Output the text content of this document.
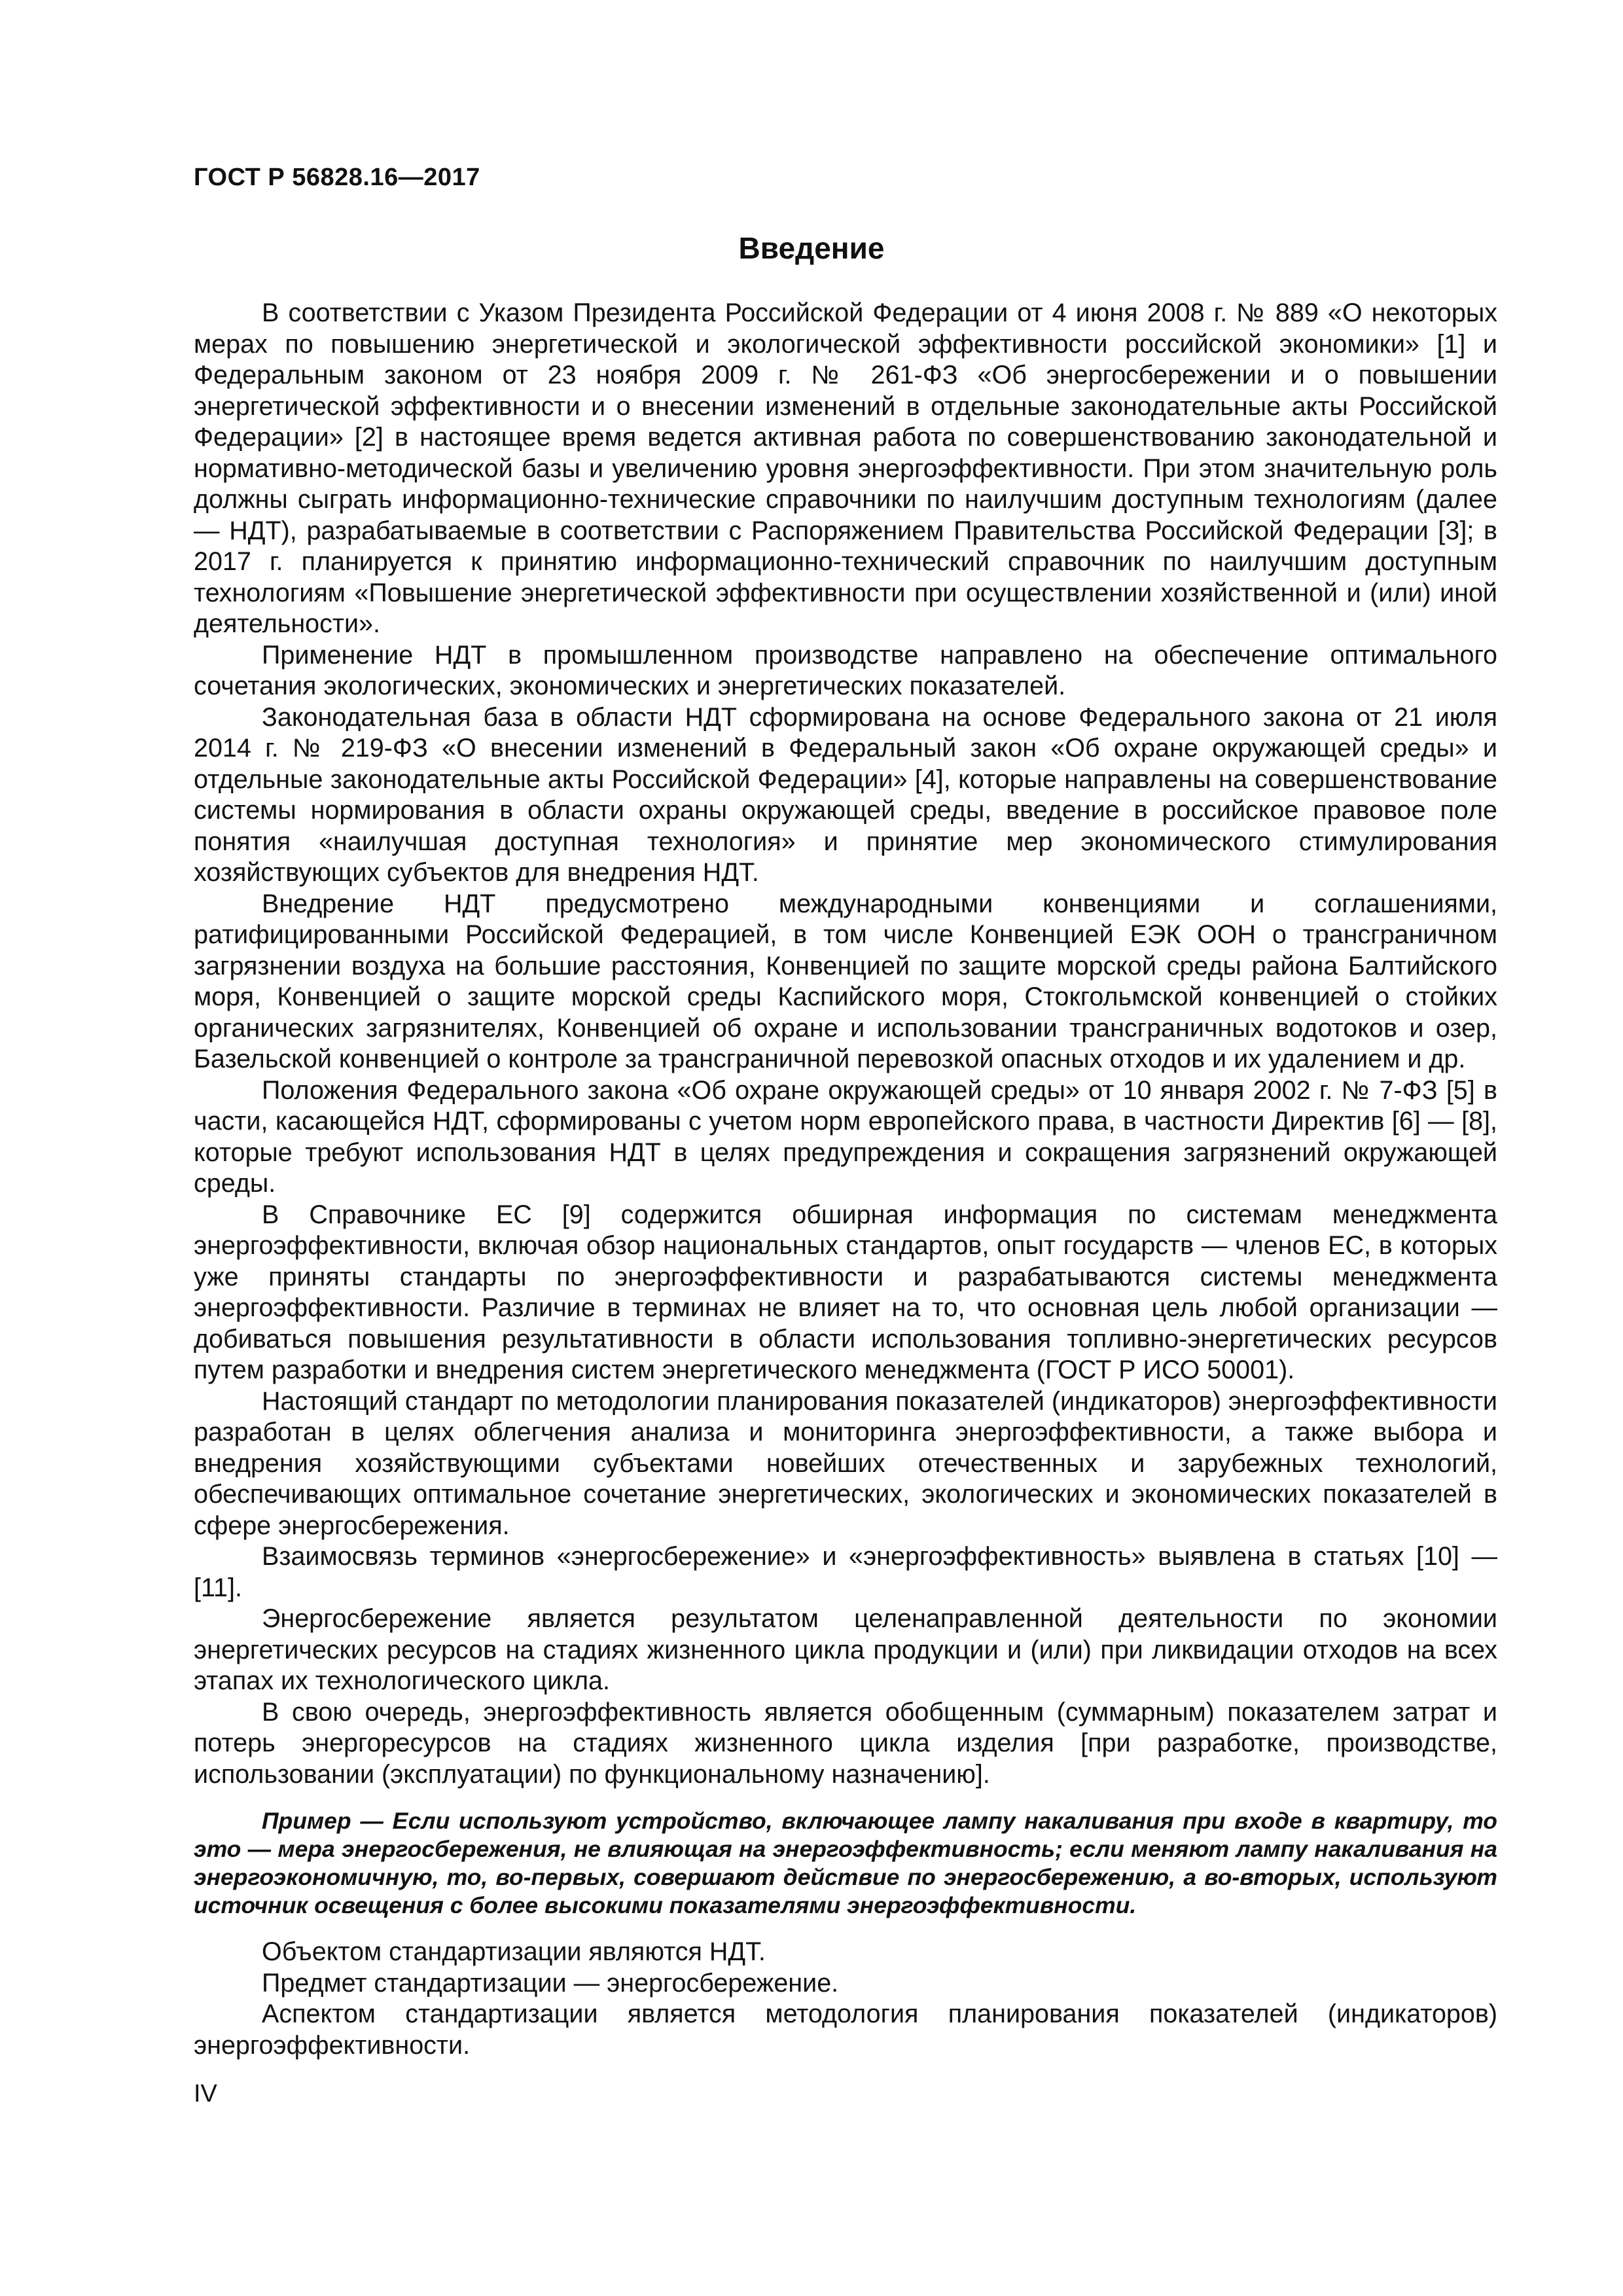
ГОСТ Р 56828.16—2017
Введение

В соответствии с Указом Президента Российской Федерации от 4 июня 2008 г. № 889 «О некоторых мерах по повышению энергетической и экологической эффективности российской экономики» [1] и Федеральным законом от 23 ноября 2009 г. № 261-ФЗ «Об энергосбережении и о повышении энергетической эффективности и о внесении изменений в отдельные законодательные акты Российской Федерации» [2] в настоящее время ведется активная работа по совершенствованию законодательной и нормативно-методической базы и увеличению уровня энергоэффективности. При этом значительную роль должны сыграть информационно-технические справочники по наилучшим доступным технологиям (далее — НДТ), разрабатываемые в соответствии с Распоряжением Правительства Российской Федерации [3]; в 2017 г. планируется к принятию информационно-технический справочник по наилучшим доступным технологиям «Повышение энергетической эффективности при осуществлении хозяйственной и (или) иной деятельности».

Применение НДТ в промышленном производстве направлено на обеспечение оптимального сочетания экологических, экономических и энергетических показателей.

Законодательная база в области НДТ сформирована на основе Федерального закона от 21 июля 2014 г. № 219-ФЗ «О внесении изменений в Федеральный закон «Об охране окружающей среды» и отдельные законодательные акты Российской Федерации» [4], которые направлены на совершенствование системы нормирования в области охраны окружающей среды, введение в российское правовое поле понятия «наилучшая доступная технология» и принятие мер экономического стимулирования хозяйствующих субъектов для внедрения НДТ.

Внедрение НДТ предусмотрено международными конвенциями и соглашениями, ратифицированными Российской Федерацией, в том числе Конвенцией ЕЭК ООН о трансграничном загрязнении воздуха на большие расстояния, Конвенцией по защите морской среды района Балтийского моря, Конвенцией о защите морской среды Каспийского моря, Стокгольмской конвенцией о стойких органических загрязнителях, Конвенцией об охране и использовании трансграничных водотоков и озер, Базельской конвенцией о контроле за трансграничной перевозкой опасных отходов и их удалением и др.

Положения Федерального закона «Об охране окружающей среды» от 10 января 2002 г. № 7-ФЗ [5] в части, касающейся НДТ, сформированы с учетом норм европейского права, в частности Директив [6] — [8], которые требуют использования НДТ в целях предупреждения и сокращения загрязнений окружающей среды.

В Справочнике ЕС [9] содержится обширная информация по системам менеджмента энергоэффективности, включая обзор национальных стандартов, опыт государств — членов ЕС, в которых уже приняты стандарты по энергоэффективности и разрабатываются системы менеджмента энергоэффективности. Различие в терминах не влияет на то, что основная цель любой организации — добиваться повышения результативности в области использования топливно-энергетических ресурсов путем разработки и внедрения систем энергетического менеджмента (ГОСТ Р ИСО 50001).

Настоящий стандарт по методологии планирования показателей (индикаторов) энергоэффективности разработан в целях облегчения анализа и мониторинга энергоэффективности, а также выбора и внедрения хозяйствующими субъектами новейших отечественных и зарубежных технологий, обеспечивающих оптимальное сочетание энергетических, экологических и экономических показателей в сфере энергосбережения.

Взаимосвязь терминов «энергосбережение» и «энергоэффективность» выявлена в статьях [10] — [11].

Энергосбережение является результатом целенаправленной деятельности по экономии энергетических ресурсов на стадиях жизненного цикла продукции и (или) при ликвидации отходов на всех этапах их технологического цикла.

В свою очередь, энергоэффективность является обобщенным (суммарным) показателем затрат и потерь энергоресурсов на стадиях жизненного цикла изделия [при разработке, производстве, использовании (эксплуатации) по функциональному назначению].

Пример — Если используют устройство, включающее лампу накаливания при входе в квартиру, то это — мера энергосбережения, не влияющая на энергоэффективность; если меняют лампу накаливания на энергоэкономичную, то, во-первых, совершают действие по энергосбережению, а во-вторых, используют источник освещения с более высокими показателями энергоэффективности.

Объектом стандартизации являются НДТ.

Предмет стандартизации — энергосбережение.

Аспектом стандартизации является методология планирования показателей (индикаторов) энергоэффективности.

IV
